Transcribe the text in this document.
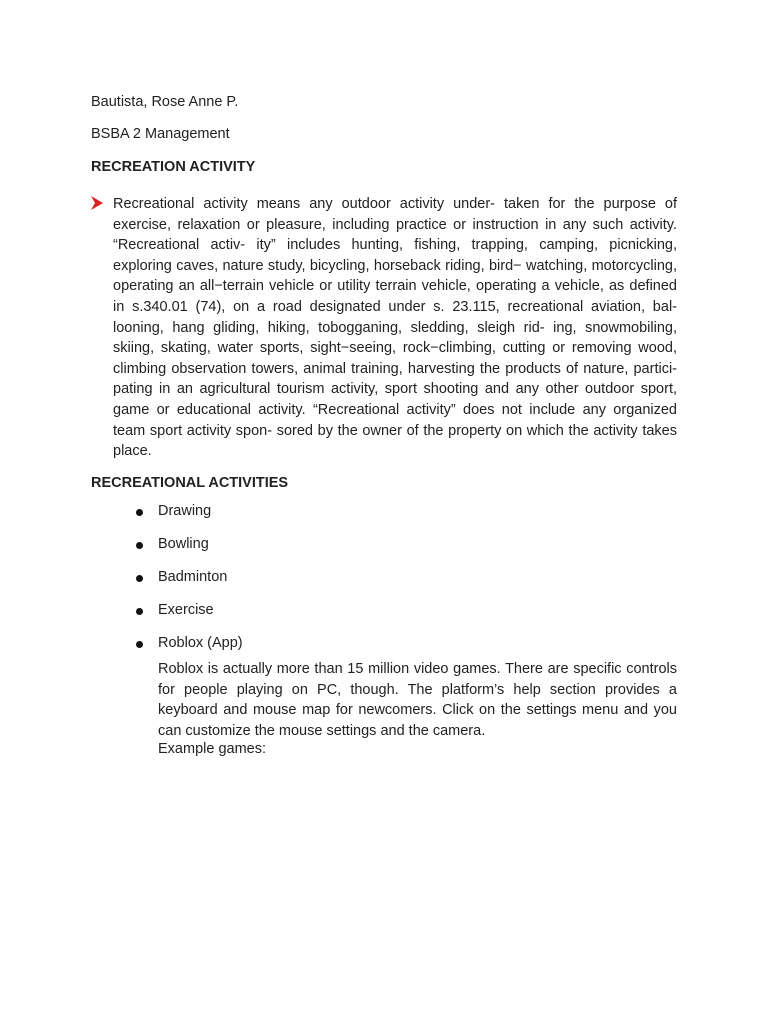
Bautista, Rose Anne P.
BSBA 2 Management
RECREATION ACTIVITY

Recreational activity means any outdoor activity under- taken for the purpose of exercise, relaxation or pleasure, including practice or instruction in any such activity. “Recreational activ- ity” includes hunting, fishing, trapping, camping, picnicking, exploring caves, nature study, bicycling, horseback riding, bird− watching, motorcycling, operating an all−terrain vehicle or utility terrain vehicle, operating a vehicle, as defined in s.340.01 (74), on a road designated under s. 23.115, recreational aviation, bal- looning, hang gliding, hiking, tobogganing, sledding, sleigh rid- ing, snowmobiling, skiing, skating, water sports, sight−seeing, rock−climbing, cutting or removing wood, climbing observation towers, animal training, harvesting the products of nature, partici- pating in an agricultural tourism activity, sport shooting and any other outdoor sport, game or educational activity. “Recreational activity” does not include any organized team sport activity spon- sored by the owner of the property on which the activity takes place.

RECREATIONAL ACTIVITIES
Drawing
Bowling
Badminton
Exercise
Roblox (App)

Roblox is actually more than 15 million video games. There are specific controls for people playing on PC, though. The platform’s help section provides a keyboard and mouse map for newcomers. Click on the settings menu and you can customize the mouse settings and the camera.

Example games:
